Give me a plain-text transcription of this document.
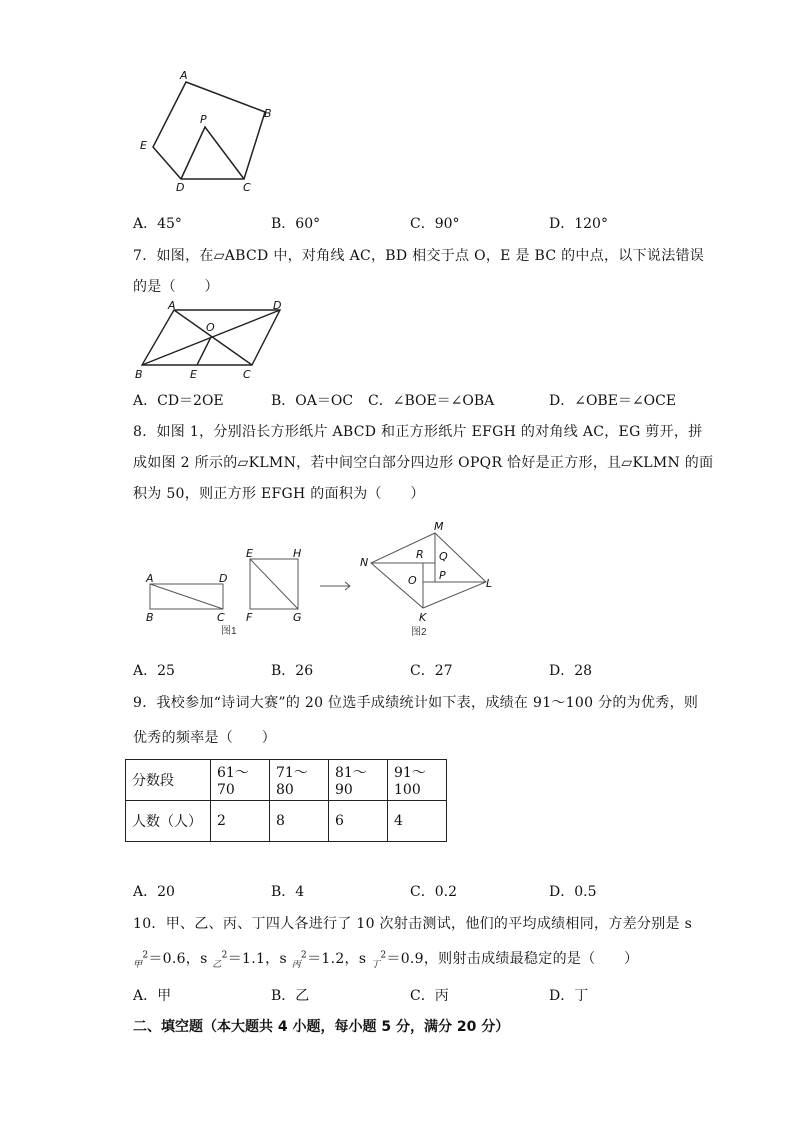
A
B
P
E
D	C
A．45°	B．60°	C．90°	D．120°
7．如图，在▱ABCD 中，对角线 AC，BD 相交于点 O，E 是 BC 的中点，以下说法错误
的是（　　）
A	D
O
B	E	C
A．CD＝2OE	B．OA＝OC C．∠BOE＝∠OBA	D．∠OBE＝∠OCE
8．如图 1，分别沿长方形纸片 ABCD 和正方形纸片 EFGH 的对角线 AC，EG 剪开，拼
成如图 2 所示的▱KLMN，若中间空白部分四边形 OPQR 恰好是正方形，且▱KLMN 的面
积为 50，则正方形 EFGH 的面积为（　　）
A	D
B	C
E	H
F	G
图1
M
N
R Q
O P
L
K
图2
A．25	B．26	C．27	D．28
9．我校参加“诗词大赛”的 20 位选手成绩统计如下表，成绩在 91～100 分的为优秀，则
优秀的频率是（　　）
分数段	61～70	71～80	81～90	91～100
人数（人）	2	8	6	4
A．20	B．4	C．0.2	D．0.5
10．甲、乙、丙、丁四人各进行了 10 次射击测试，他们的平均成绩相同，方差分别是 s
$_甲^2$＝0.6，s $_乙^2$＝1.1，s $_丙^2$＝1.2，s $_丁^2$＝0.9，则射击成绩最稳定的是（　　）
A．甲	B．乙	C．丙	D．丁
二、填空题（本大题共 4 小题，每小题 5 分，满分 20 分）
